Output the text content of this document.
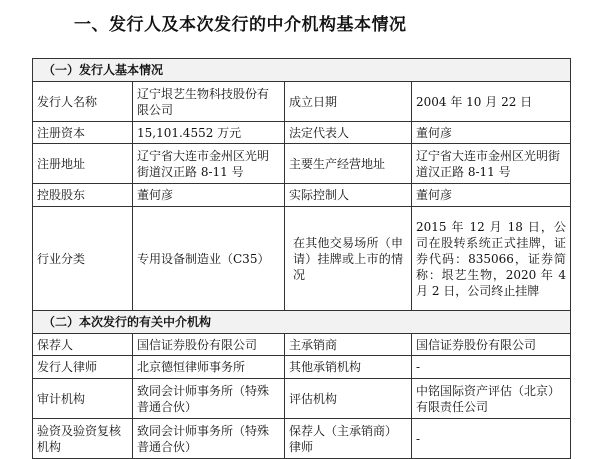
一、发行人及本次发行的中介机构基本情况
（一）发行人基本情况			
发行人名称	辽宁垠艺生物科技股份有限公司	成立日期	2004 年 10 月 22 日
注册资本	15,101.4552 万元	法定代表人	董何彦
注册地址	辽宁省大连市金州区光明街道汉正路 8-11 号	主要生产经营地址	辽宁省大连市金州区光明街道汉正路 8-11 号
控股股东	董何彦	实际控制人	董何彦
行业分类	专用设备制造业（C35）	在其他交易场所（申请）挂牌或上市的情况	2015 年 12 月 18 日，公司在股转系统正式挂牌，证券代码：835066，证券简称：垠艺生物，2020 年 4 月 2 日，公司终止挂牌
（二）本次发行的有关中介机构			
保荐人	国信证券股份有限公司	主承销商	国信证券股份有限公司
发行人律师	北京德恒律师事务所	其他承销机构	-
审计机构	致同会计师事务所（特殊普通合伙）	评估机构	中铭国际资产评估（北京）有限责任公司
验资及验资复核机构	致同会计师事务所（特殊普通合伙）	保荐人（主承销商）律师	-
